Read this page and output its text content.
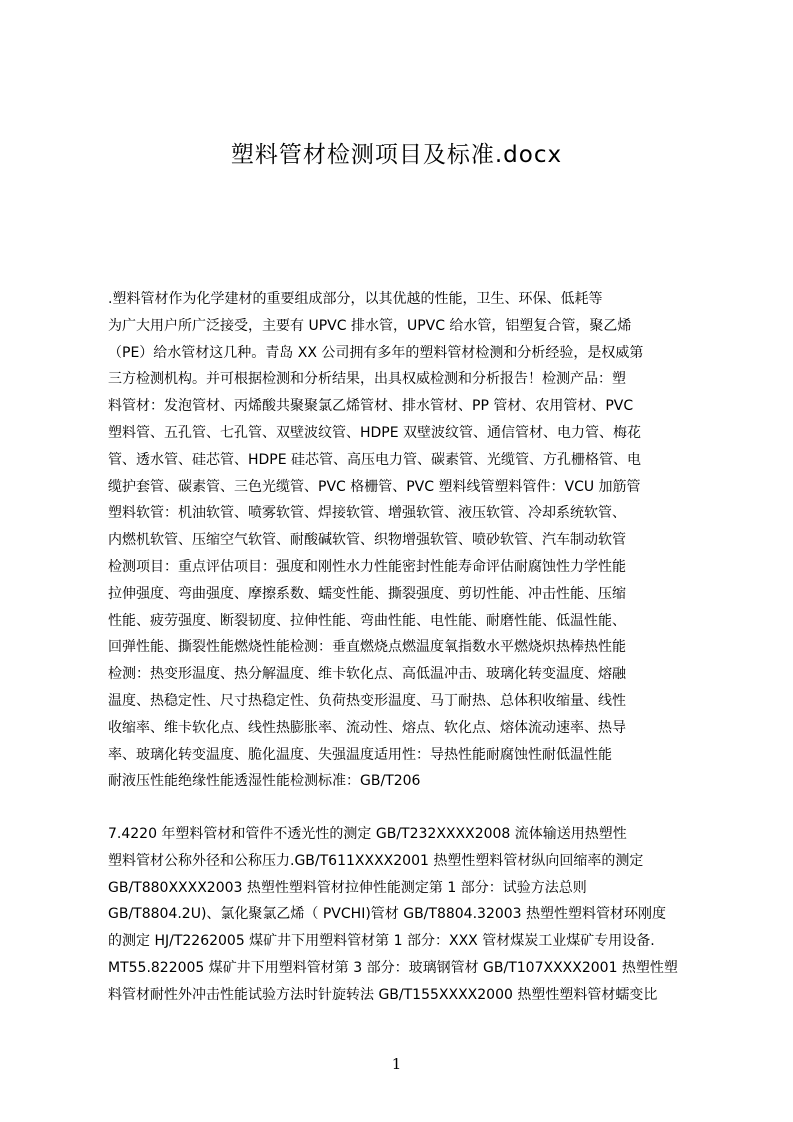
塑料管材检测项目及标准.docx
.塑料管材作为化学建材的重要组成部分，以其优越的性能，卫生、环保、低耗等
为广大用户所广泛接受，主要有 UPVC 排水管，UPVC 给水管，铝塑复合管，聚乙烯
（PE）给水管材这几种。青岛 XX 公司拥有多年的塑料管材检测和分析经验，是权威第
三方检测机构。并可根据检测和分析结果，出具权威检测和分析报告！检测产品：塑
料管材：发泡管材、丙烯酸共聚聚氯乙烯管材、排水管材、PP 管材、农用管材、PVC
塑料管、五孔管、七孔管、双壁波纹管、HDPE 双壁波纹管、通信管材、电力管、梅花
管、透水管、硅芯管、HDPE 硅芯管、高压电力管、碳素管、光缆管、方孔栅格管、电
缆护套管、碳素管、三色光缆管、PVC 格栅管、PVC 塑料线管塑料管件：VCU 加筋管
塑料软管：机油软管、喷雾软管、焊接软管、增强软管、液压软管、冷却系统软管、
内燃机软管、压缩空气软管、耐酸碱软管、织物增强软管、喷砂软管、汽车制动软管
检测项目：重点评估项目：强度和刚性水力性能密封性能寿命评估耐腐蚀性力学性能
拉伸强度、弯曲强度、摩擦系数、蠕变性能、撕裂强度、剪切性能、冲击性能、压缩
性能、疲劳强度、断裂韧度、拉伸性能、弯曲性能、电性能、耐磨性能、低温性能、
回弹性能、撕裂性能燃烧性能检测：垂直燃烧点燃温度氧指数水平燃烧炽热棒热性能
检测：热变形温度、热分解温度、维卡软化点、高低温冲击、玻璃化转变温度、熔融
温度、热稳定性、尺寸热稳定性、负荷热变形温度、马丁耐热、总体积收缩量、线性
收缩率、维卡软化点、线性热膨胀率、流动性、熔点、软化点、熔体流动速率、热导
率、玻璃化转变温度、脆化温度、失强温度适用性：导热性能耐腐蚀性耐低温性能
耐液压性能绝缘性能透湿性能检测标准：GB/T206
7.4220 年塑料管材和管件不透光性的测定 GB/T232XXXX2008 流体输送用热塑性
塑料管材公称外径和公称压力.GB/T611XXXX2001 热塑性塑料管材纵向回缩率的测定
GB/T880XXXX2003 热塑性塑料管材拉伸性能测定第 1 部分：试验方法总则
GB/T8804.2U)、氯化聚氯乙烯（ PVCHI)管材 GB/T8804.32003 热塑性塑料管材环刚度
的测定 HJ/T2262005 煤矿井下用塑料管材第 1 部分：XXX 管材煤炭工业煤矿专用设备.
MT55.822005 煤矿井下用塑料管材第 3 部分：玻璃钢管材 GB/T107XXXX2001 热塑性塑
料管材耐性外冲击性能试验方法时针旋转法 GB/T155XXXX2000 热塑性塑料管材蠕变比
1
